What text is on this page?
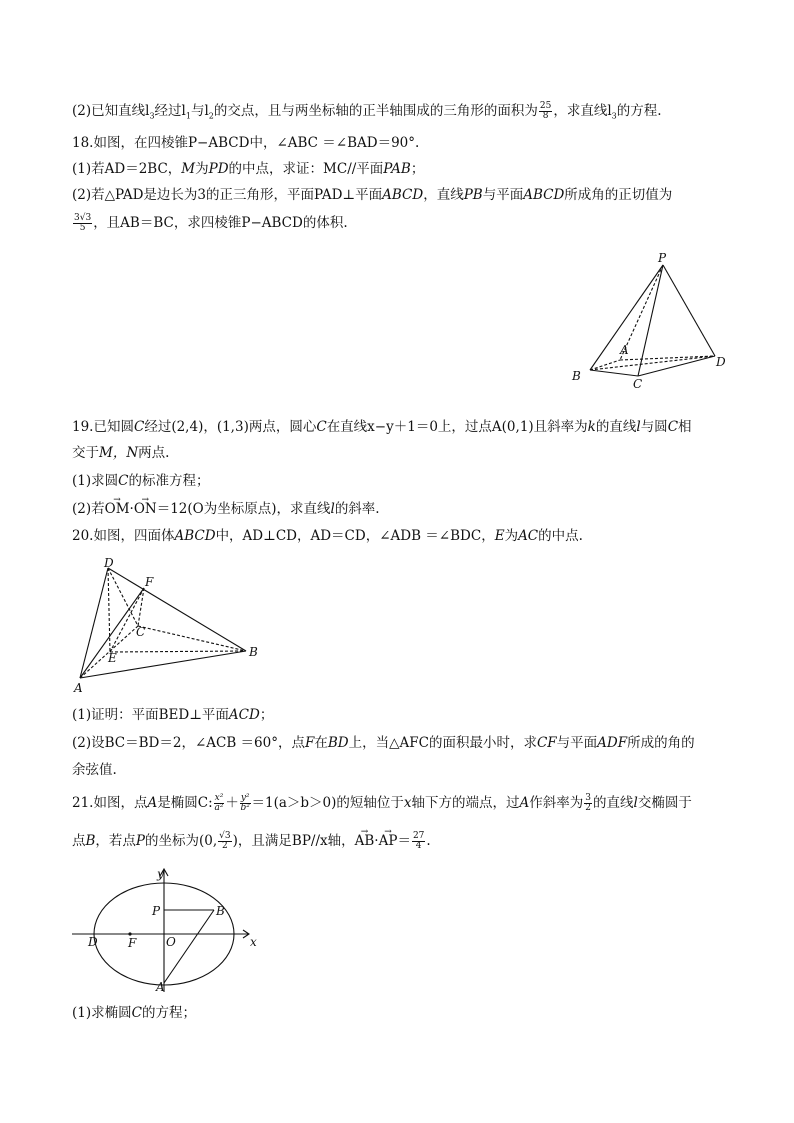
(2)已知直线$l_3$经过$l_1$与$l_2$的交点，且与两坐标轴的正半轴围成的三角形的面积为 $\frac{25}{8}$ ，求直线$l_3$的方程.
18.如图，在四棱锥P−ABCD中，∠ABC ＝∠BAD＝90°.
(1)若AD＝2BC，M为PD的中点，求证：MC//平面PAB；
(2)若△PAD是边长为3的正三角形，平面PAD⊥平面ABCD，直线PB与平面ABCD所成角的正切值为
$\frac{3√3}{5}$ ，且AB＝BC，求四棱锥P−ABCD的体积.
P
A
B
C
D
19.已知圆C经过(2,4)，(1,3)两点，圆心C在直线x−y＋1＝0上，过点A(0,1)且斜率为k的直线l与圆C相
交于M，N两点.
(1)求圆C的标准方程；
(2)若→ OM·→ ON＝12(O为坐标原点)，求直线l的斜率.
20.如图，四面体ABCD中，AD⊥CD，AD＝CD，∠ADB ＝∠BDC，E为AC的中点.
D
F
C
E	B
A
(1)证明：平面BED⊥平面ACD；
(2)设BC＝BD＝2，∠ACB ＝60°，点F在BD上，当△AFC的面积最小时，求CF与平面ADF所成的角的
余弦值.
21.如图，点A是椭圆C: $\frac{\text{x²}}{\text{a²}} + \frac{\text{y²}}{\text{b²}} =1(a>b>0)$的短轴位于x轴下方的端点，过A作斜率为 $\frac{3}{2}$ 的直线l交椭圆于
点B，若点P的坐标为(0, $\frac{√3}{2}$ )，且满足BP//x轴，→ $AB\cdot\to AP= \frac{27}{4}$ .
y
x
P	B
D	F O
A
(1)求椭圆C的方程；
